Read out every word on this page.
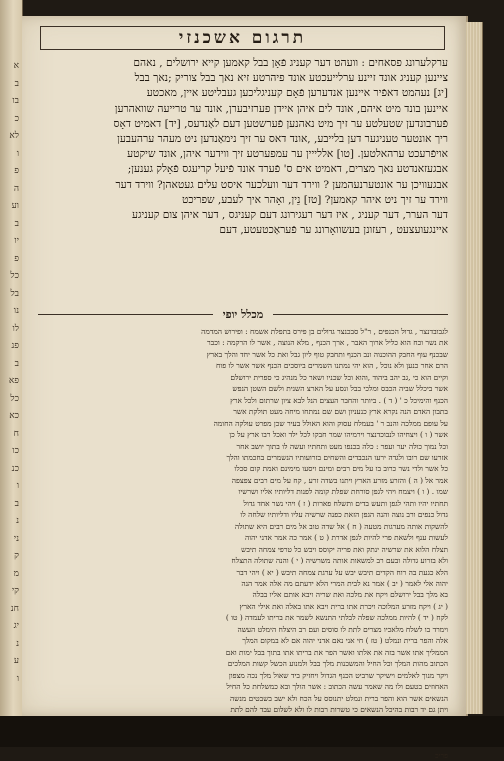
א
ב
בו
כ
לא
ו
פ
ה
וע
ב
יו
פ
כל
בל
נו
לו
פנ
ב
פא
כל
כא
ח
כו
כנ
ו
ב
נ
ני
ק
מ
קי
חנ
יג
נ
ע
ו
תרגום אשכנזי

ערקלערונג פסאחים : וועהט דער קעניג פֿאָן בבל קאמען קייא ירושלים , נאהם

ציינען קעניג אונד זיינע ערלייעכטע אונד פיהרטע זיא נאך בבל צוריק ;נאך בבל

[יג] נעהמט דאפֿיר איינען אנדערען פֿאָם קעניגליכען געבליטע איין, מאכטע

איינען בונד מיט איהם, אונד לים איהן איידן פערזיבערן, אונד ער טרייעה שוואהרען

פֿערבונדען שטעלטע ער זיך מיט נאהנען פֿערשטען דעם לאַנדעס, [יד] דאמיט דאָס

ריך אונטער טעניגער דען בלייבע, ,אונד דאס ער זיך נימאַנדען ניט מעהר ערהעבען

אויפֿרעכט ערהאלטען. [טו] אללייין ער עמפערטע זיך ווידער איהן, אונד שיקטע

אבגעזאנדטע נאך מצרים, דאמיט אים ס' פֿערד אונד פֿיעל קריעגס פֿאָלק גענען;

אבגעוויכן ער אונטערנעהמען ? ווירד דער וועלכער איסט עלים געטאהן? ווירד דער

ווירד ער זיך ניט איהר קאמען? [טז] נֵין, ואָהר איך לעבע, שפריכט

דער הערר, דער קעניג , איז דער רעגירונג דעם קעניגס , דער איהן צום קעניגע

איינגעועצעט , רעזונן בעשוואָרונג ער פֿעראַכטעטע, דעם

מכלל יופי

לגבובדנצר , גדול הכנפים , ר"ל סבכנצר גדולים בן פירס בתפלת אשמח : ופירוש המדמה

את נשר וכח הוא כליל ארוך האבר , ארך הכנף , מלא הנוצה , אשר לו הרקמה : וכבר

שבכנף עוף החבק ההוכנוה ונב הכנף ותחבק טוף ליון גבל ואת כל אשר יחד והלך בארץ

הרם אחר כנען ולא נוכל , הוא יהי נמתנו השמרים ביוסכים הכנף אשר אשר לו פוח

וקיים הוא כי ,גב יהב ביהוד ,והוא וכל שכניו ושאר כל מנהיג כי ספרית ירושלם

אשר ביכלל שביה הכבס ומלכי בבל ונסע על הארצ השנית ולשם השטן הנפש

הכנף והימיכל כ ' ( ד ) . ביותר והחבר העצים הנל לבא ציון שרתום ולכל ארץ

בתבון האדם הנה נקרא ארץ כנעניון ושם שם נמתחו מיחה מעט תולקת אשר

על עופם ממלכה והנב ר ' בעמלח עסוק והוא האולל בעיר שכן מפרט עולקה החומה

אשר ( ו ) ויצחיהו לנבוכדנצר וירמיהו שמר חבקו לכל ילד ואכל רבו ארץ על כן

וכל נמוך כולה יער ועפר : כלה בכנפו מעט ותחתיו ועשה לו בתוך יושב אחר

אזרעו שם רובו ולגדה ירעו הנכבדים והשחים בזרועותיו הנשמרים בחכמתו והלך

כל אשר ולדי נשר כרוב בו על מים רבים ומינם ויסעו מימינם ואמת קום סכלו

אמר אל ( ה ) והזרע מזרע הארץ ויתנו בשדה זרע , קח על מים רבים צפצפה

שמו . ( ו ) ויצמח ויהי לגפן סורחת שפלת קומה לפנות דליותיו אליו ושרשיו

תחתיו יהיו ותהי לגפן ותעש בדים ותשלח פארות ( ז ) ויהי נשר אחד גדול

גדול כנפים ורב נוצה והנה הגפן הזאת כפנה שרשיה עליו ודליותיו שלחה לו

להשקות אותה מערגות מטעה ( ח ) אל שדה טוב אל מים רבים היא שתולה

לעשות ענף ולשאת פרי להיות לגפן אדרת ( ט ) אמר כה אמר אדני יהוה

תצלח הלוא את שרשיה ינתק ואת פריה יקוסס ויבש כל טרפי צמחה תיבש

ולא בזרוע גדולה ובעם רב למשאות אותה משרשיה ( י ) והנה שתולה התצלח

הלא כגעת בה רוח הקדים תיבש יבש על ערגת צמחה תיבש ( יא ) ויהי דבר

יהוה אלי לאמר ( יב ) אמר נא לבית המרי הלא ידעתם מה אלה אמר הנה

בא מלך בבל ירושלם ויקח את מלכה ואת שריה ויבא אותם אליו בבלה

( יג ) ויקח מזרע המלוכה ויכרת אתו ברית ויבא אתו באלה ואת אילי הארץ

לקח ( יד ) להיות ממלכה שפלה לבלתי התנשא לשמר את בריתו לעמדה ( טו )

וימרד בו לשלח מלאכיו מצרים לתת לו סוסים ועם רב היצלח הימלט העשה

אלה והפר ברית ונמלט ( טז ) חי אני נאם אדני יהוה אם לא במקום המלך

הממליך אתו אשר בזה את אלתו ואשר הפר את בריתו אתו בתוך בבל ימות ואם

הכתוב מהות המלך וכל החיל והמשכנות מלך בבל ולמנוע הכשל קשות המלכים

ויקר מנוך לאלמים וישיקר שרביט הכנף הגדול ויחזיק ביד שאול מלך נכה מצפון

האחוזים בטעם ולו מה שאמר עשה הכתוב : אשר הולך ובא כמשלחת כל החיל

הנשאים אשר הוא והפר ברית ונמלט יתנוסס על הכח ולא ישב בשבטים מנשה

ויתן גם יד רבות בהיכל הנשאים כי טשרות רבות לו ולא לשלום עבד להם לתת

פריכ
